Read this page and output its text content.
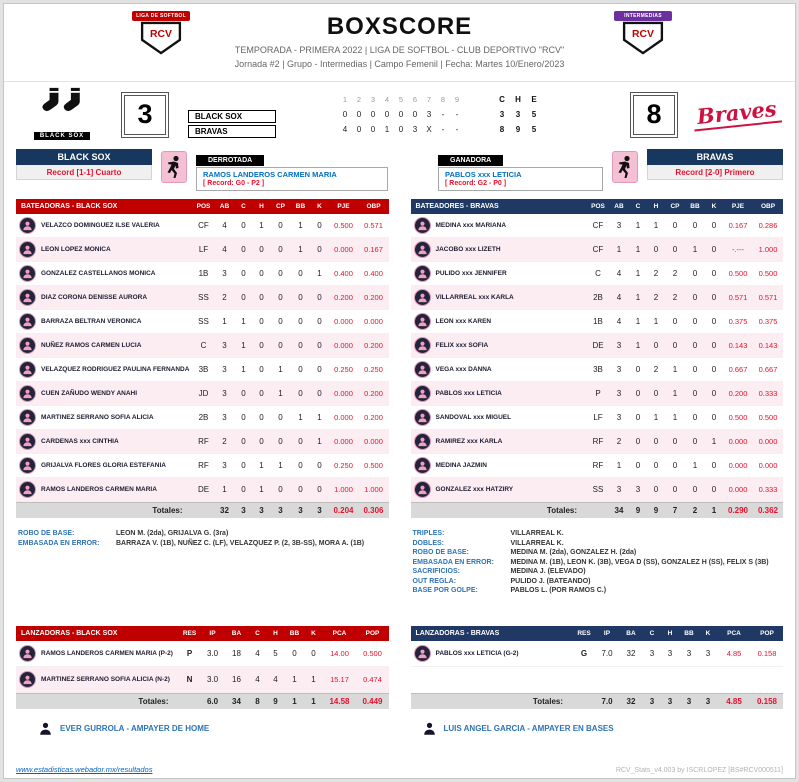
LIGA DE SOFTBOL
RCV	BOXSCORE
TEMPORADA - PRIMERA 2022 | LIGA DE SOFTBOL - CLUB DEPORTIVO "RCV"
Jornada #2 | Grupo - Intermedias | Campo Femenil | Fecha: Martes 10/Enero/2023
INTERMEDIAS
RCV
BLACK SOX
3	1	2	3	4	5	6	7	8	9	C	H	E
BLACK SOX	0	0	0	0	0	0	3	-	-	3	3	5
BRAVAS	4	0	0	1	0	3	X	-	-	8	9	5
8	Braves
BLACK SOX
Record [1-1] Cuarto
DERROTADA
RAMOS LANDEROS CARMEN MARIA
[ Record: G0 - P2 ]
GANADORA
PABLOS xxx LETICIA
[ Record: G2 - P0 ]
BRAVAS
Record [2-0] Primero
BATEADORAS - BLACK SOX	POS	AB	C	H	CP	BB	K	PJE	OBP
VELAZCO DOMINGUEZ ILSE VALERIA	CF	4	0	1	0	1	0	0.500	0.571
LEON LOPEZ MONICA	LF	4	0	0	0	1	0	0.000	0.167
GONZALEZ CASTELLANOS MONICA	1B	3	0	0	0	0	1	0.400	0.400
DIAZ CORONA DENISSE AURORA	SS	2	0	0	0	0	0	0.200	0.200
BARRAZA BELTRAN VERONICA	SS	1	1	0	0	0	0	0.000	0.000
NUÑEZ RAMOS CARMEN LUCIA	C	3	1	0	0	0	0	0.000	0.200
VELAZQUEZ RODRIGUEZ PAULINA FERNANDA	3B	3	1	0	1	0	0	0.250	0.250
CUEN ZAÑUDO WENDY ANAHI	JD	3	0	0	1	0	0	0.000	0.200
MARTINEZ SERRANO SOFIA ALICIA	2B	3	0	0	0	1	1	0.000	0.200
CARDENAS xxx CINTHIA	RF	2	0	0	0	0	1	0.000	0.000
GRIJALVA FLORES GLORIA ESTEFANIA	RF	3	0	1	1	0	0	0.250	0.500
RAMOS LANDEROS CARMEN MARIA	DE	1	0	1	0	0	0	1.000	1.000
Totales:	32	3	3	3	3	3	0.204	0.306
ROBO DE BASE:	LEON M. (2da), GRIJALVA G. (3ra)
EMBASADA EN ERROR:	BARRAZA V. (1B), NUÑEZ C. (LF), VELAZQUEZ P. (2, 3B-SS), MORA A. (1B)
LANZADORAS - BLACK SOX	RES	IP	BA	C	H	BB	K	PCA	POP
RAMOS LANDEROS CARMEN MARIA (P-2)	P	3.0	18	4	5	0	0	14.00	0.500
MARTINEZ SERRANO SOFIA ALICIA (N-2)	N	3.0	16	4	4	1	1	15.17	0.474
Totales:	6.0	34	8	9	1	1	14.58	0.449
BATEADORES - BRAVAS	POS	AB	C	H	CP	BB	K	PJE	OBP
MEDINA xxx MARIANA	CF	3	1	1	0	0	0	0.167	0.286
JACOBO xxx LIZETH	CF	1	1	0	0	1	0	-.---	1.000
PULIDO xxx JENNIFER	C	4	1	2	2	0	0	0.500	0.500
VILLARREAL xxx KARLA	2B	4	1	2	2	0	0	0.571	0.571
LEON xxx KAREN	1B	4	1	1	0	0	0	0.375	0.375
FELIX xxx SOFIA	DE	3	1	0	0	0	0	0.143	0.143
VEGA xxx DANNA	3B	3	0	2	1	0	0	0.667	0.667
PABLOS xxx LETICIA	P	3	0	0	1	0	0	0.200	0.333
SANDOVAL xxx MIGUEL	LF	3	0	1	1	0	0	0.500	0.500
RAMIREZ xxx KARLA	RF	2	0	0	0	0	1	0.000	0.000
MEDINA JAZMIN	RF	1	0	0	0	1	0	0.000	0.000
GONZALEZ xxx HATZIRY	SS	3	3	0	0	0	0	0.000	0.333
Totales:	34	9	9	7	2	1	0.290	0.362
TRIPLES:	VILLARREAL K.
DOBLES:	VILLARREAL K.
ROBO DE BASE:	MEDINA M. (2da), GONZALEZ H. (2da)
EMBASADA EN ERROR:	MEDINA M. (1B), LEON K. (3B), VEGA D (SS), GONZALEZ H (SS), FELIX S (3B)
SACRIFICIOS:	MEDINA J. (ELEVADO)
OUT REGLA:	PULIDO J. (BATEANDO)
BASE POR GOLPE:	PABLOS L. (POR RAMOS C.)
LANZADORAS - BRAVAS	RES	IP	BA	C	H	BB	K	PCA	POP
PABLOS xxx LETICIA (G-2)	G	7.0	32	3	3	3	3	4.85	0.158
Totales:	7.0	32	3	3	3	3	4.85	0.158
EVER GURROLA - AMPAYER DE HOME	LUIS ANGEL GARCIA - AMPAYER EN BASES
www.estadisticas.webador.mx/resultados	RCV_Stats_v4.003 by ISCRLOPEZ [BS#RCV000511]
